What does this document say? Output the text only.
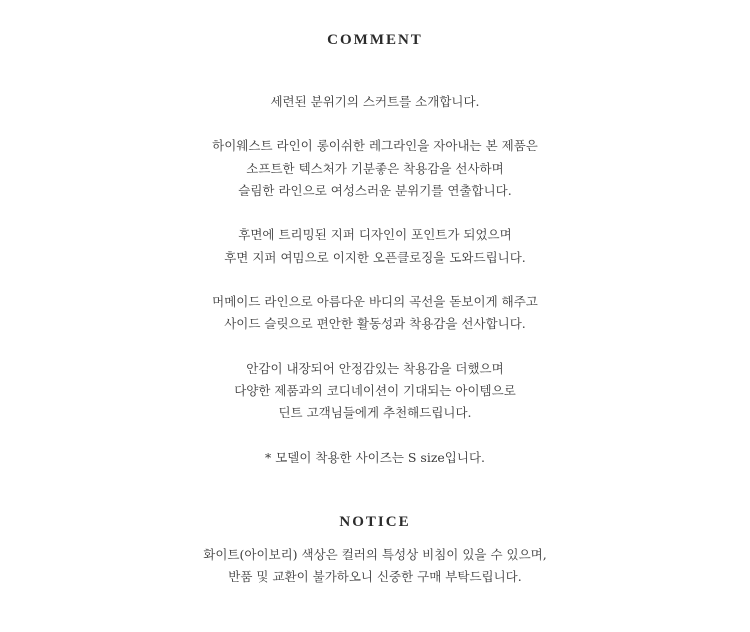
COMMENT
세련된 분위기의 스커트를 소개합니다.
하이웨스트 라인이 롱이쉬한 레그라인을 자아내는 본 제품은
소프트한 텍스처가 기분좋은 착용감을 선사하며
슬림한 라인으로 여성스러운 분위기를 연출합니다.
후면에 트리밍된 지퍼 디자인이 포인트가 되었으며
후면 지퍼 여밈으로 이지한 오픈클로징을 도와드립니다.
머메이드 라인으로 아름다운 바디의 곡선을 돋보이게 해주고
사이드 슬릿으로 편안한 활동성과 착용감을 선사합니다.
안감이 내장되어 안정감있는 착용감을 더했으며
다양한 제품과의 코디네이션이 기대되는 아이템으로
딘트 고객님들에게 추천해드립니다.
* 모델이 착용한 사이즈는 S size입니다.
NOTICE
화이트(아이보리) 색상은 컬러의 특성상 비침이 있을 수 있으며,
반품 및 교환이 불가하오니 신중한 구매 부탁드립니다.
